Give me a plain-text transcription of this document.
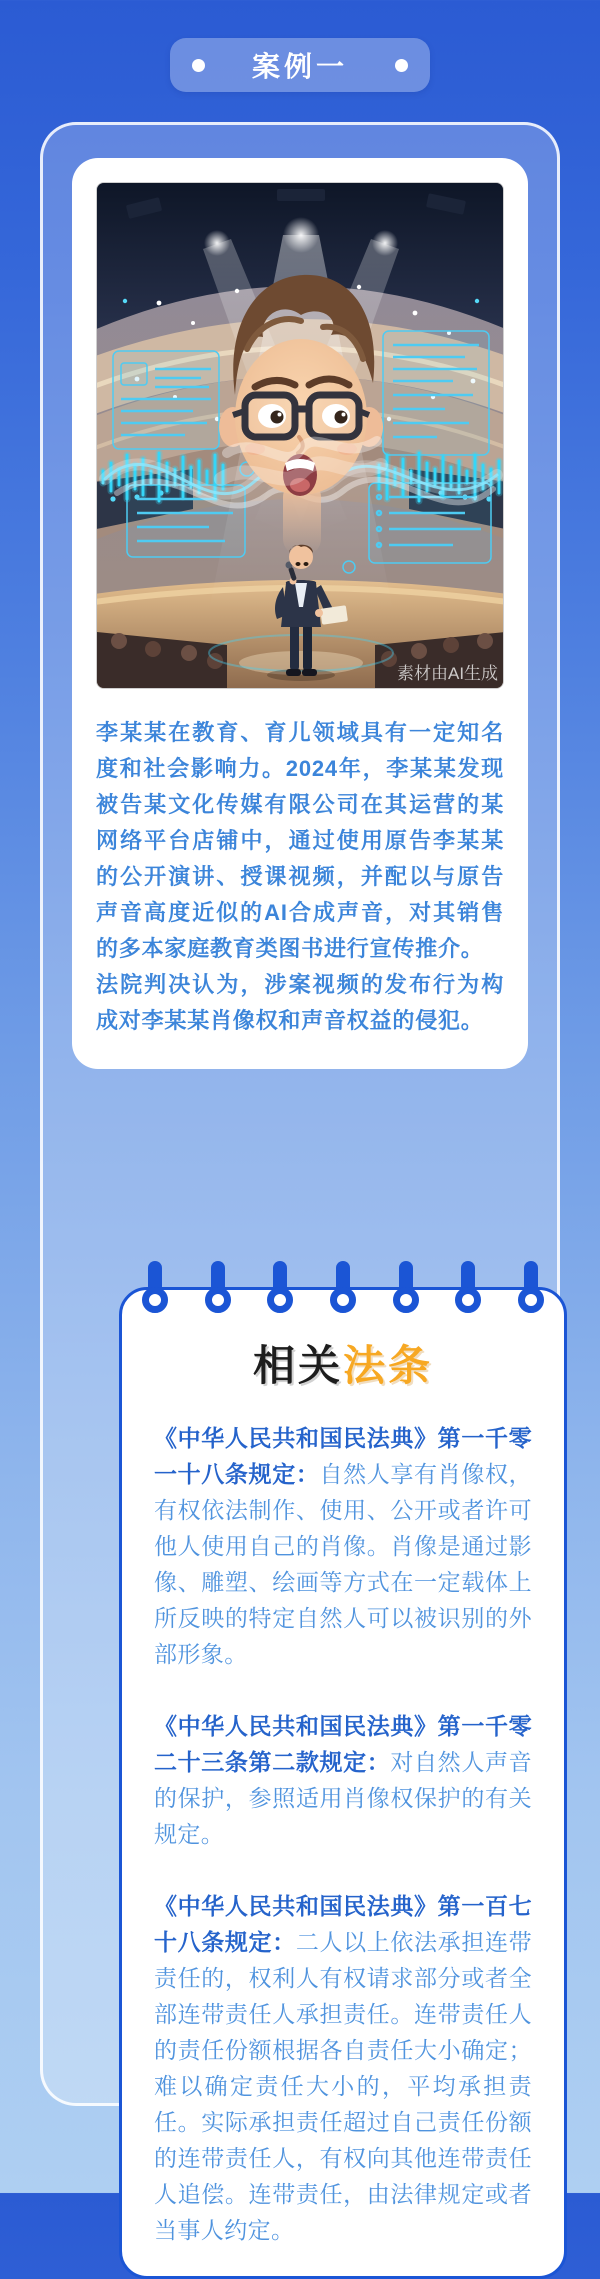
案例一
素材由AI生成

李某某在教育、育儿领域具有一定知名度和社会影响力。2024年，李某某发现被告某文化传媒有限公司在其运营的某网络平台店铺中，通过使用原告李某某的公开演讲、授课视频，并配以与原告声音高度近似的AI合成声音，对其销售的多本家庭教育类图书进行宣传推介。

法院判决认为，涉案视频的发布行为构成对李某某肖像权和声音权益的侵犯。

相关法条
《中华人民共和国民法典》第一千零一十八条规定：自然人享有肖像权，有权依法制作、使用、公开或者许可他人使用自己的肖像。肖像是通过影像、雕塑、绘画等方式在一定载体上所反映的特定自然人可以被识别的外部形象。
《中华人民共和国民法典》第一千零二十三条第二款规定：对自然人声音的保护，参照适用肖像权保护的有关规定。
《中华人民共和国民法典》第一百七十八条规定：二人以上依法承担连带责任的，权利人有权请求部分或者全部连带责任人承担责任。连带责任人的责任份额根据各自责任大小确定；难以确定责任大小的，平均承担责任。实际承担责任超过自己责任份额的连带责任人，有权向其他连带责任人追偿。连带责任，由法律规定或者当事人约定。
